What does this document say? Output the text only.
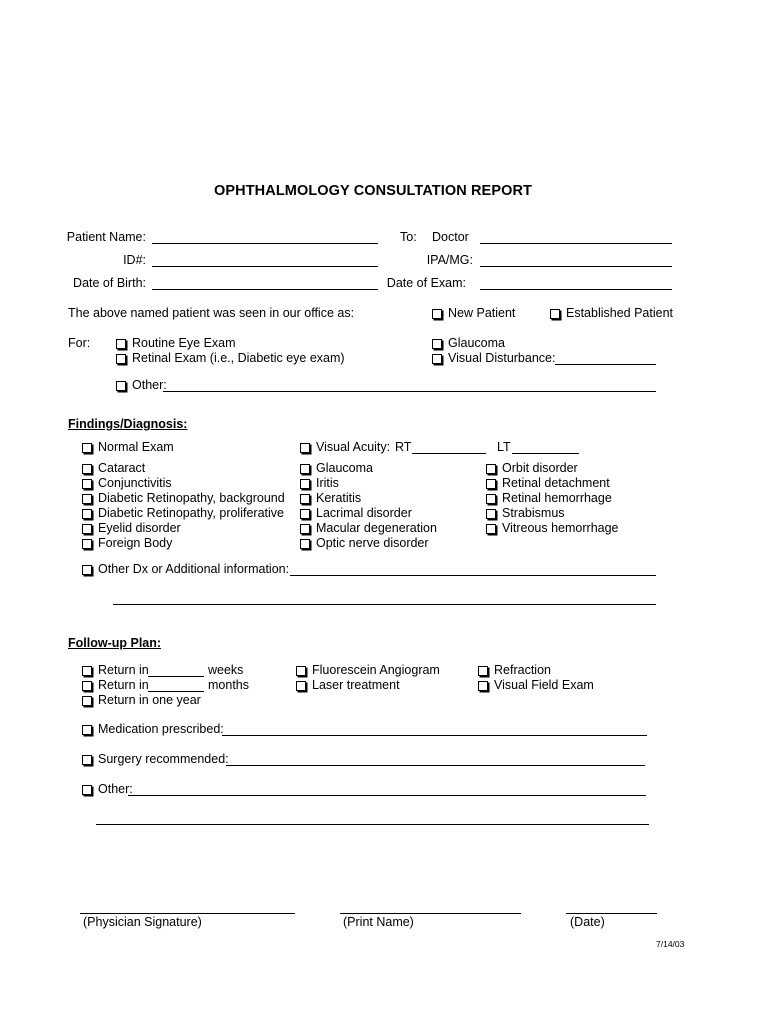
OPHTHALMOLOGY CONSULTATION REPORT
Patient Name:
ID#:
Date of Birth:
To: Doctor
IPA/MG:
Date of Exam:
The above named patient was seen in our office as:	New Patient	Established Patient
For:	Routine Eye Exam
Retinal Exam (i.e., Diabetic eye exam)
Glaucoma
Visual Disturbance:
Other:
Findings/Diagnosis:
Normal Exam	Visual Acuity: RT	LT
Cataract
Conjunctivitis
Diabetic Retinopathy, background
Diabetic Retinopathy, proliferative
Eyelid disorder
Foreign Body
Glaucoma
Iritis
Keratitis
Lacrimal disorder
Macular degeneration
Optic nerve disorder
Orbit disorder
Retinal detachment
Retinal hemorrhage
Strabismus
Vitreous hemorrhage
Other Dx or Additional information:
Follow-up Plan:
Return in	weeks
Return in	months
Return in one year
Fluorescein Angiogram
Laser treatment
Refraction
Visual Field Exam
Medication prescribed:
Surgery recommended:
Other:
(Physician Signature)	(Print Name)	(Date)
7/14/03
